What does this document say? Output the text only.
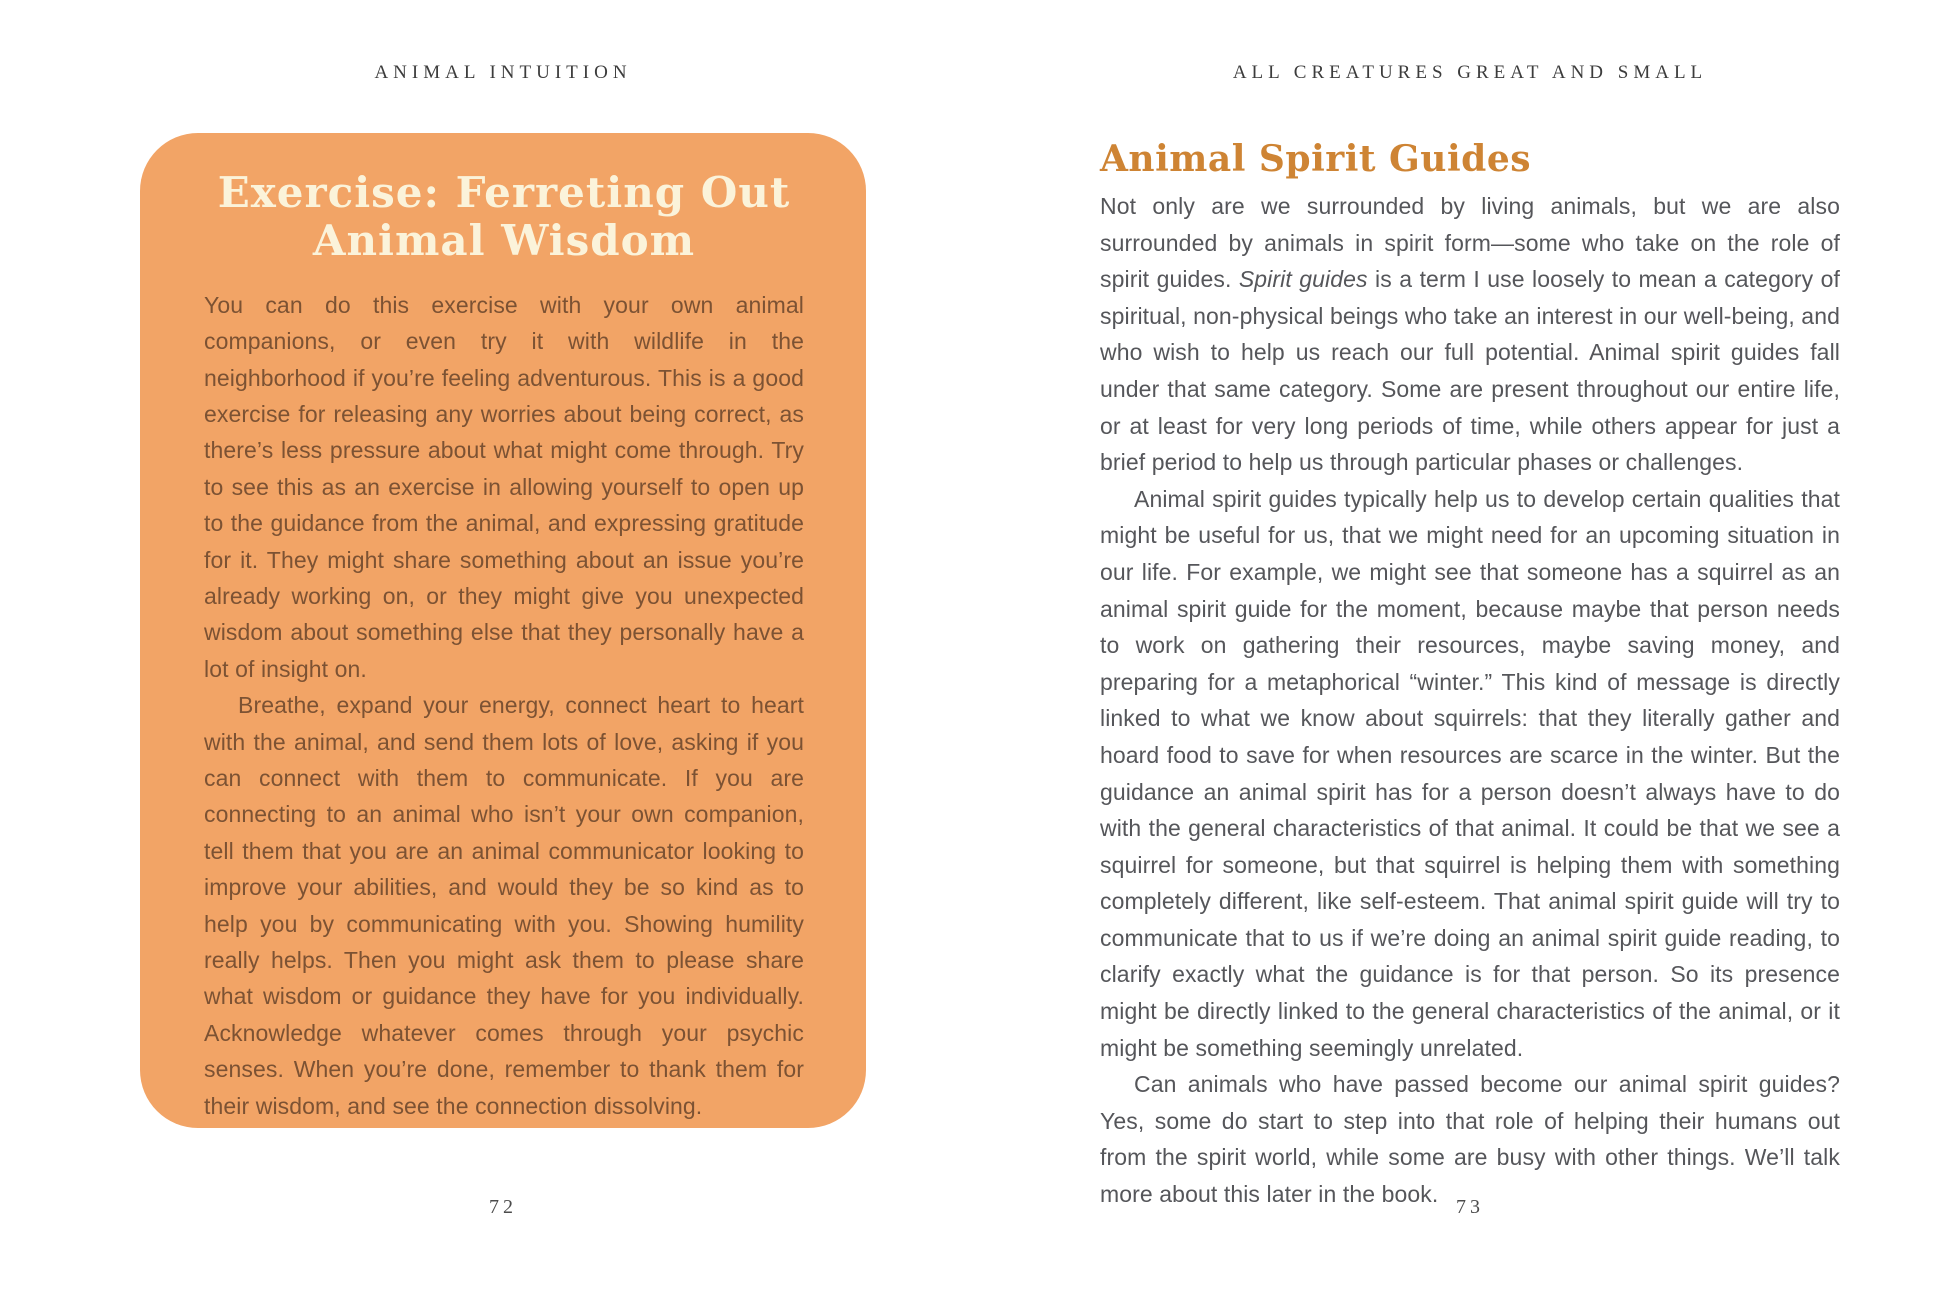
ANIMAL INTUITION
Exercise: Ferreting Out
Animal Wisdom

You can do this exercise with your own animal companions, or even try it with wildlife in the neighborhood if you’re feeling adventurous. This is a good exercise for releasing any worries about being correct, as there’s less pressure about what might come through. Try to see this as an exercise in allowing yourself to open up to the guidance from the animal, and expressing gratitude for it. They might share something about an issue you’re already working on, or they might give you unexpected wisdom about something else that they personally have a lot of insight on.

Breathe, expand your energy, connect heart to heart with the animal, and send them lots of love, asking if you can connect with them to communicate. If you are connecting to an animal who isn’t your own companion, tell them that you are an animal communicator looking to improve your abilities, and would they be so kind as to help you by communicating with you. Showing humility really helps. Then you might ask them to please share what wisdom or guidance they have for you individually. Acknowledge whatever comes through your psychic senses. When you’re done, remember to thank them for their wisdom, and see the connection dissolving.

72
ALL CREATURES GREAT AND SMALL
Animal Spirit Guides

Not only are we surrounded by living animals, but we are also surrounded by animals in spirit form—some who take on the role of spirit guides. Spirit guides is a term I use loosely to mean a category of spiritual, non-physical beings who take an interest in our well-being, and who wish to help us reach our full potential. Animal spirit guides fall under that same category. Some are present throughout our entire life, or at least for very long periods of time, while others appear for just a brief period to help us through particular phases or challenges.

Animal spirit guides typically help us to develop certain qualities that might be useful for us, that we might need for an upcoming situation in our life. For example, we might see that someone has a squirrel as an animal spirit guide for the moment, because maybe that person needs to work on gathering their resources, maybe saving money, and preparing for a metaphorical “winter.” This kind of message is directly linked to what we know about squirrels: that they literally gather and hoard food to save for when resources are scarce in the winter. But the guidance an animal spirit has for a person doesn’t always have to do with the general characteristics of that animal. It could be that we see a squirrel for someone, but that squirrel is helping them with something completely different, like self-esteem. That animal spirit guide will try to communicate that to us if we’re doing an animal spirit guide reading, to clarify exactly what the guidance is for that person. So its presence might be directly linked to the general characteristics of the animal, or it might be something seemingly unrelated.

Can animals who have passed become our animal spirit guides? Yes, some do start to step into that role of helping their humans out from the spirit world, while some are busy with other things. We’ll talk more about this later in the book. 73
